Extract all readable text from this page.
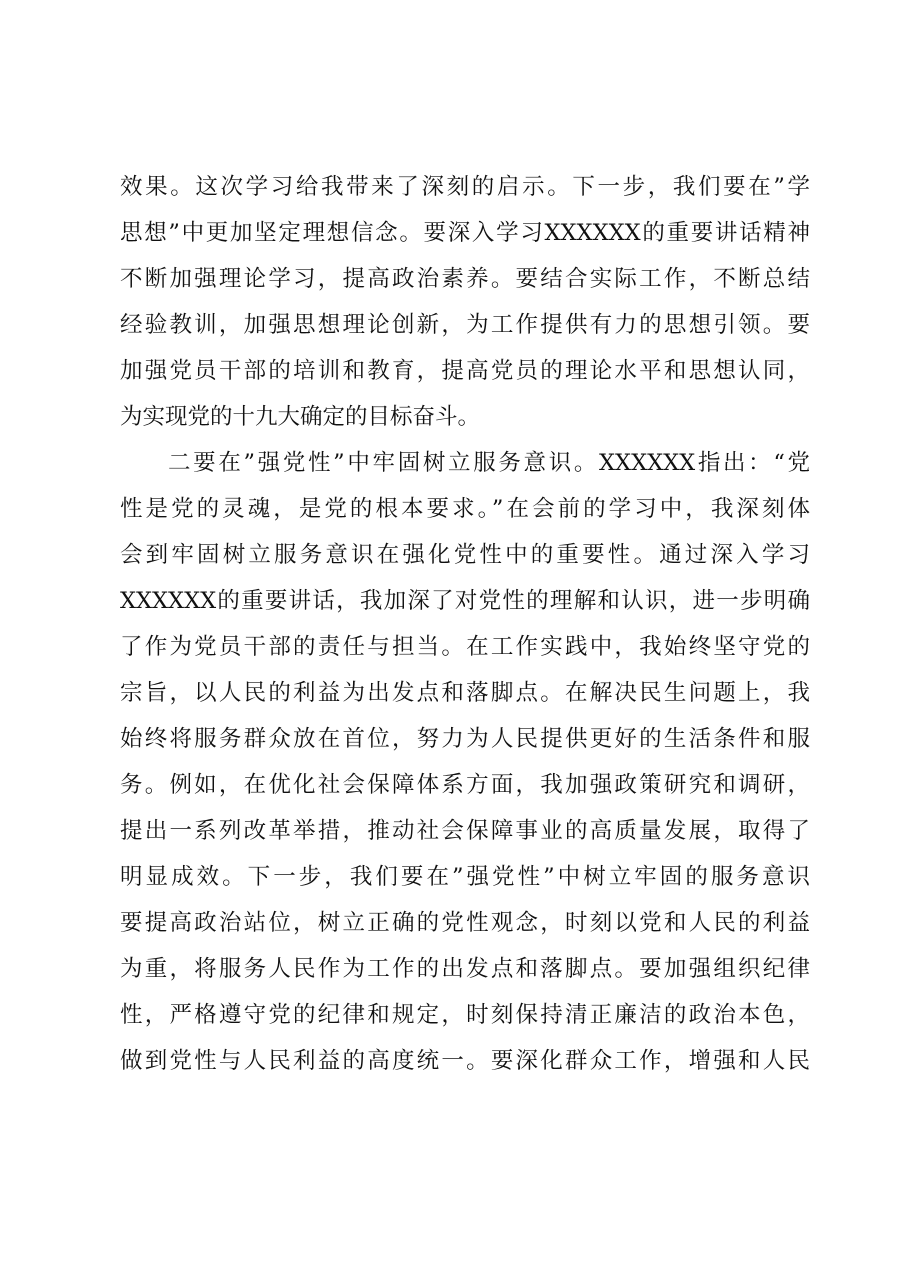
效果。这次学习给我带来了深刻的启示。下一步，我们要在”学
思想”中更加坚定理想信念。要深入学习XXXXXX的重要讲话精神
不断加强理论学习，提高政治素养。要结合实际工作，不断总结
经验教训，加强思想理论创新，为工作提供有力的思想引领。要
加强党员干部的培训和教育，提高党员的理论水平和思想认同，
为实现党的十九大确定的目标奋斗。
二要在”强党性”中牢固树立服务意识。XXXXXX指出：“党
性是党的灵魂，是党的根本要求。”在会前的学习中，我深刻体
会到牢固树立服务意识在强化党性中的重要性。通过深入学习
XXXXXX的重要讲话，我加深了对党性的理解和认识，进一步明确
了作为党员干部的责任与担当。在工作实践中，我始终坚守党的
宗旨，以人民的利益为出发点和落脚点。在解决民生问题上，我
始终将服务群众放在首位，努力为人民提供更好的生活条件和服
务。例如，在优化社会保障体系方面，我加强政策研究和调研，
提出一系列改革举措，推动社会保障事业的高质量发展，取得了
明显成效。下一步，我们要在”强党性”中树立牢固的服务意识
要提高政治站位，树立正确的党性观念，时刻以党和人民的利益
为重，将服务人民作为工作的出发点和落脚点。要加强组织纪律
性，严格遵守党的纪律和规定，时刻保持清正廉洁的政治本色，
做到党性与人民利益的高度统一。要深化群众工作，增强和人民
